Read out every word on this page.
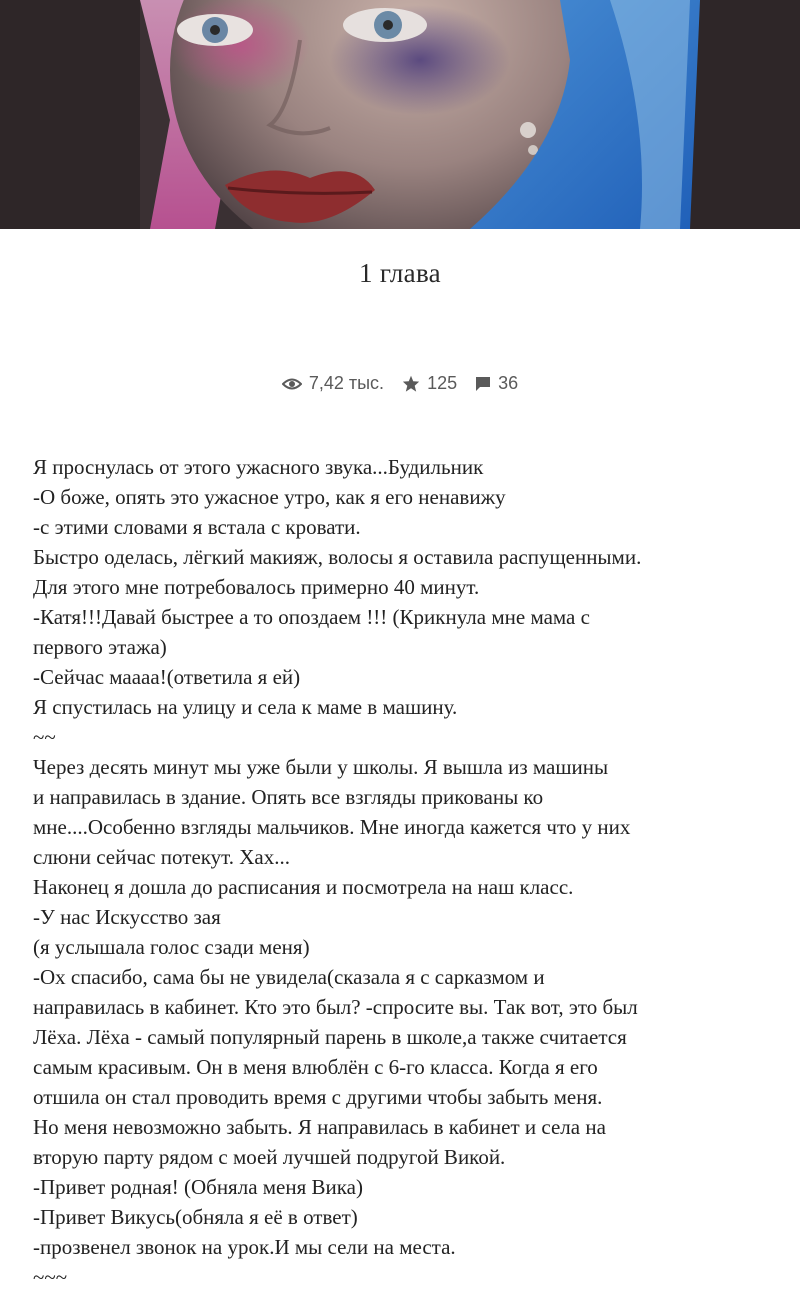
1 глава
7,42 тыс. 125 36

Я проснулась от этого ужасного звука...Будильник

-О боже, опять это ужасное утро, как я его ненавижу

-с этими словами я встала с кровати.

Быстро оделась, лёгкий макияж, волосы я оставила распущенными.

Для этого мне потребовалось примерно 40 минут.

-Катя!!!Давай быстрее а то опоздаем !!! (Крикнула мне мама с

первого этажа)

-Сейчас маааа!(ответила я ей)

Я спустилась на улицу и села к маме в машину.

~~

Через десять минут мы уже были у школы. Я вышла из машины

и направилась в здание. Опять все взгляды прикованы ко

мне....Особенно взгляды мальчиков. Мне иногда кажется что у них

слюни сейчас потекут. Хах...

Наконец я дошла до расписания и посмотрела на наш класс.

-У нас Искусство зая

(я услышала голос сзади меня)

-Ох спасибо, сама бы не увидела(сказала я с сарказмом и

направилась в кабинет. Кто это был? -спросите вы. Так вот, это был

Лёха. Лёха - самый популярный парень в школе,а также считается

самым красивым. Он в меня влюблён с 6-го класса. Когда я его

отшила он стал проводить время с другими чтобы забыть меня.

Но меня невозможно забыть. Я направилась в кабинет и села на

вторую парту рядом с моей лучшей подругой Викой.

-Привет родная! (Обняла меня Вика)

-Привет Викусь(обняла я её в ответ)

-прозвенел звонок на урок.И мы сели на места.

~~~
